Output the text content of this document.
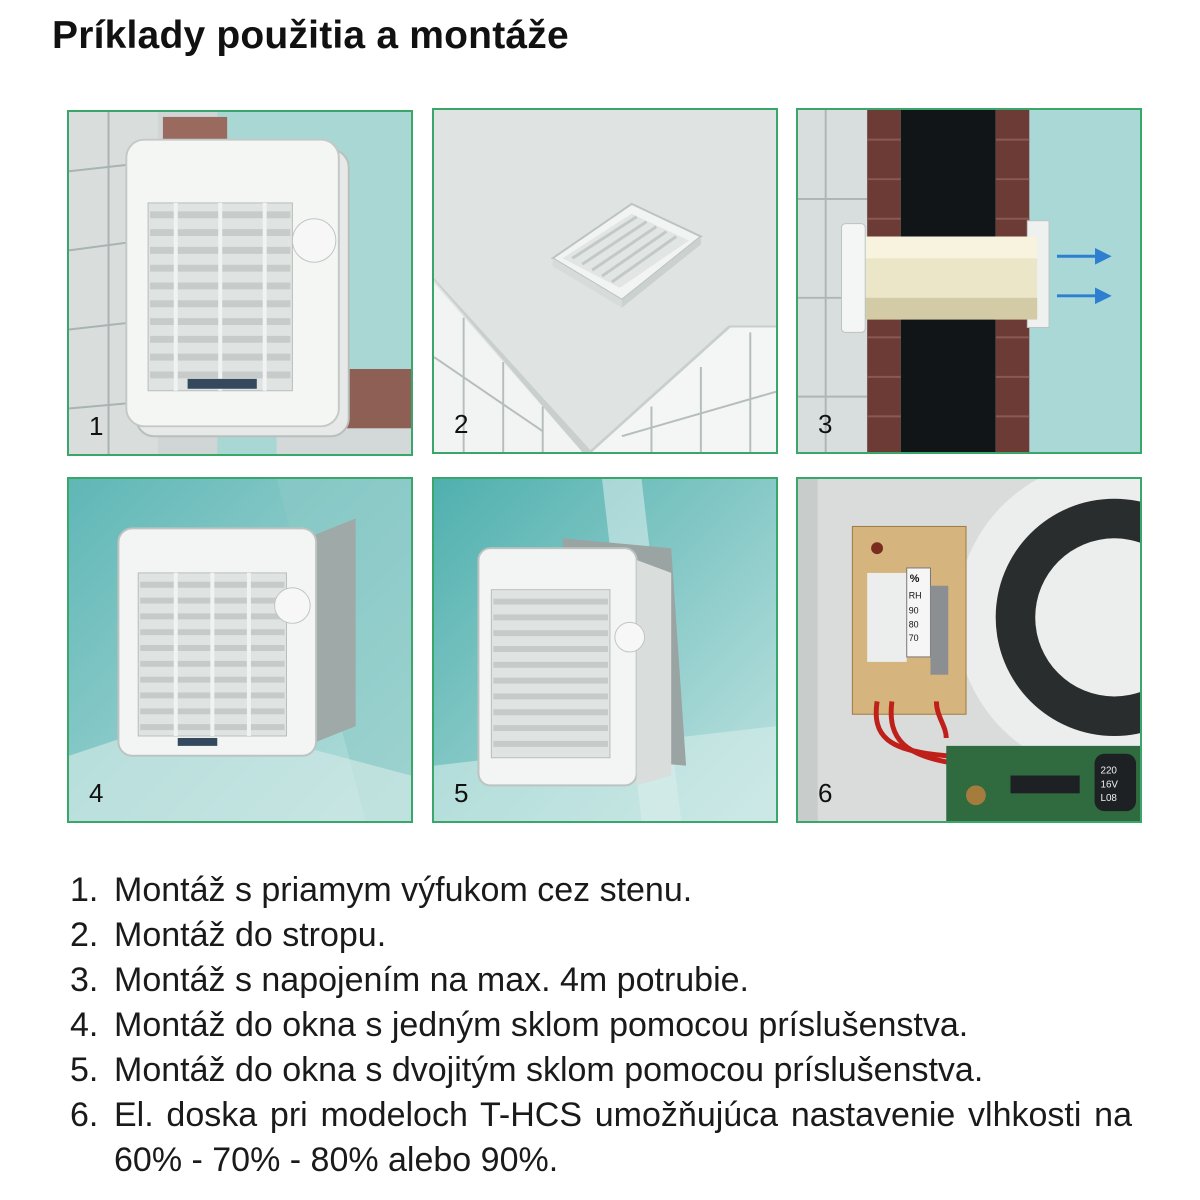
Príklady použitia a montáže
1	2	3
4	5
%
RH
90
80
70
220
16V
L08
6
1. Montáž s priamym výfukom cez stenu.
2. Montáž do stropu.
3. Montáž s napojením na max. 4m potrubie.
4. Montáž do okna s jedným sklom pomocou príslušenstva.
5. Montáž do okna s dvojitým sklom pomocou príslušenstva.
6. El. doska pri modeloch T-HCS umožňujúca nastavenie vlhkosti na 60% - 70% - 80% alebo 90%.
